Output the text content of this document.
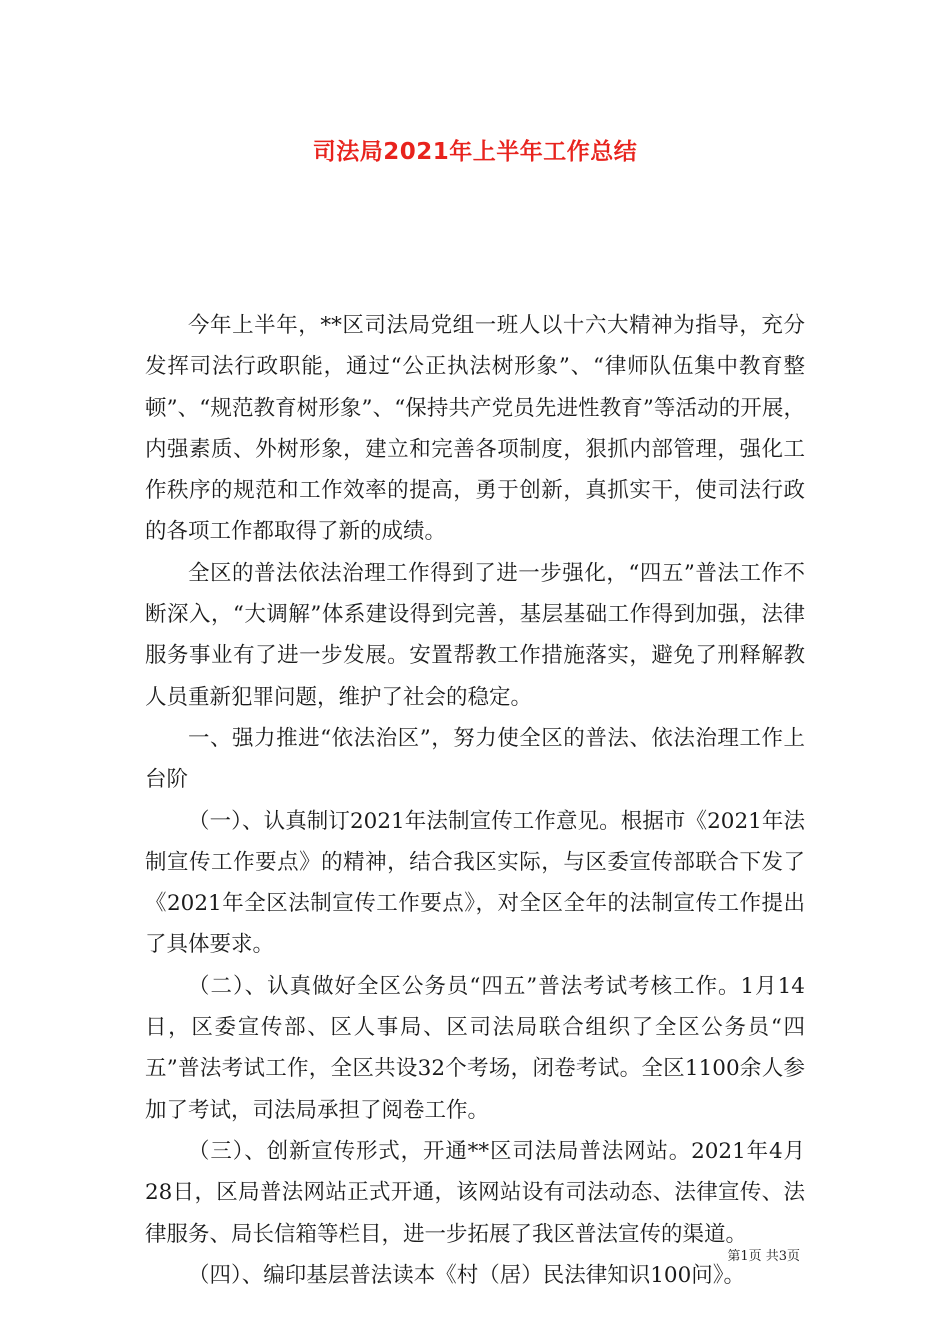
司法局2021年上半年工作总结

今年上半年，**区司法局党组一班人以十六大精神为指导，充分发挥司法行政职能，通过“公正执法树形象”、“律师队伍集中教育整顿”、“规范教育树形象”、“保持共产党员先进性教育”等活动的开展，内强素质、外树形象，建立和完善各项制度，狠抓内部管理，强化工作秩序的规范和工作效率的提高，勇于创新，真抓实干，使司法行政的各项工作都取得了新的成绩。

全区的普法依法治理工作得到了进一步强化，“四五”普法工作不断深入，“大调解”体系建设得到完善，基层基础工作得到加强，法律服务事业有了进一步发展。安置帮教工作措施落实，避免了刑释解教人员重新犯罪问题，维护了社会的稳定。

一、强力推进“依法治区”，努力使全区的普法、依法治理工作上台阶

（一）、认真制订2021年法制宣传工作意见。根据市《2021年法制宣传工作要点》的精神，结合我区实际，与区委宣传部联合下发了《2021年全区法制宣传工作要点》，对全区全年的法制宣传工作提出了具体要求。

（二）、认真做好全区公务员“四五”普法考试考核工作。1月14日，区委宣传部、区人事局、区司法局联合组织了全区公务员“四五”普法考试工作，全区共设32个考场，闭卷考试。全区1100余人参加了考试，司法局承担了阅卷工作。

（三）、创新宣传形式，开通**区司法局普法网站。2021年4月28日，区局普法网站正式开通，该网站设有司法动态、法律宣传、法律服务、局长信箱等栏目，进一步拓展了我区普法宣传的渠道。

（四）、编印基层普法读本《村（居）民法律知识100问》。

第1页 共3页
